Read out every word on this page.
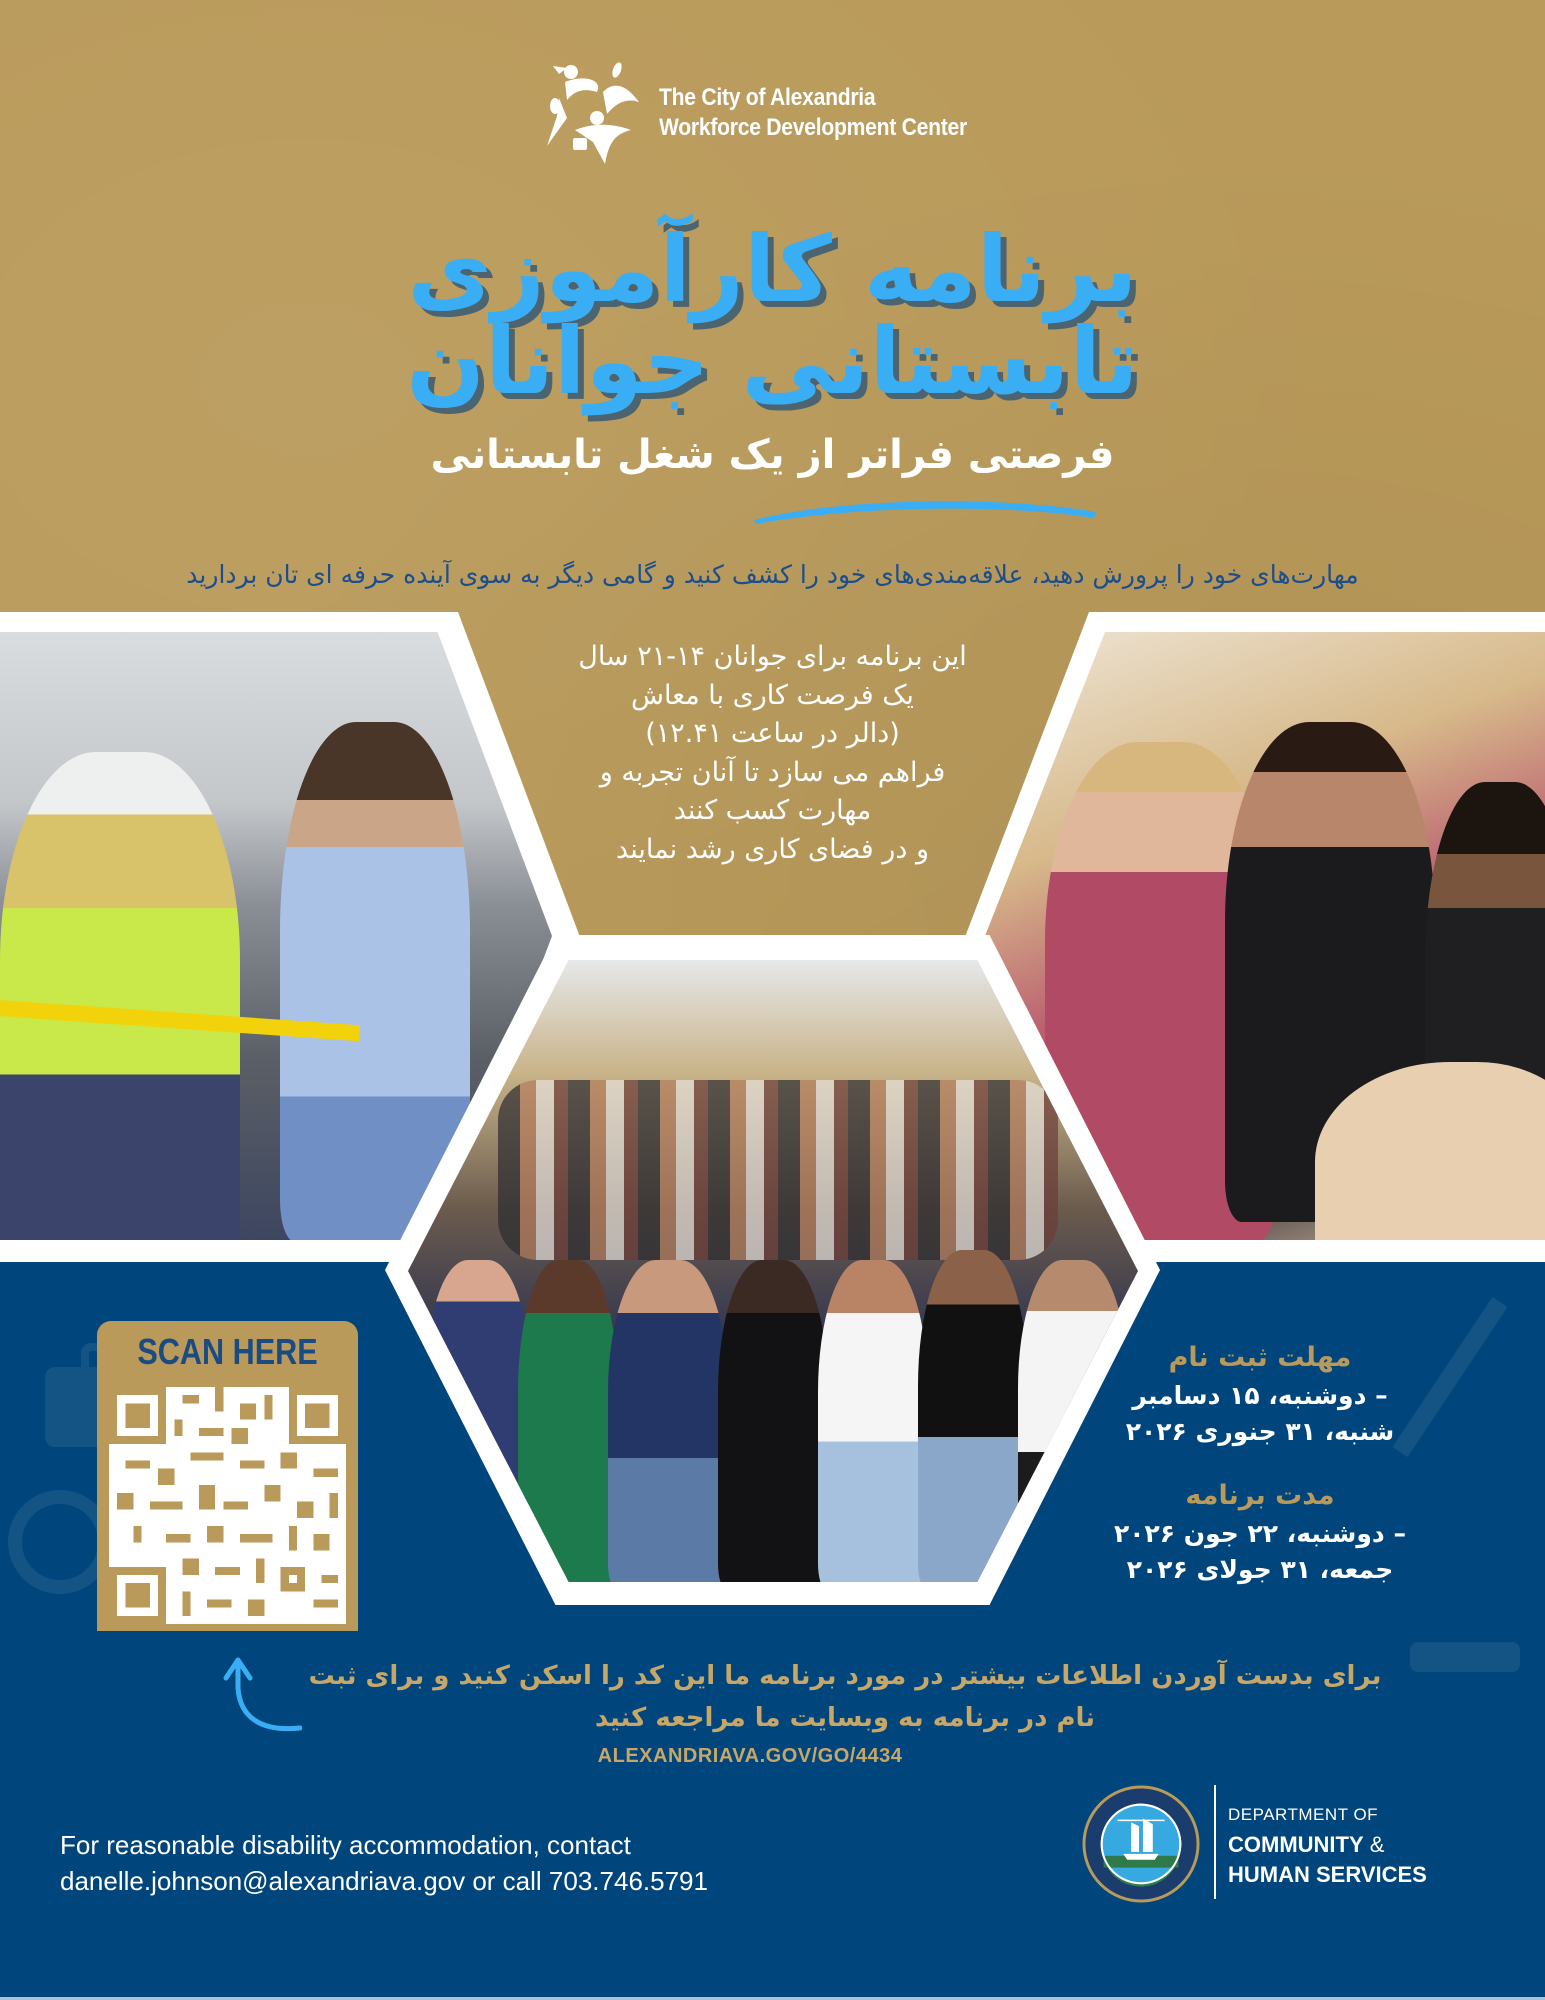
The City of Alexandria
Workforce Development Center
برنامه کارآموزی
تابستانی جوانان
فرصتی فراتر از یک شغل تابستانی
مهارت‌های خود را پرورش دهید، علاقه‌مندی‌های خود را کشف کنید و گامی دیگر به سوی آینده حرفه ای تان بردارید
این برنامه برای جوانان ۱۴-۲۱ سال
یک فرصت کاری با معاش
(دالر در ساعت ۱۲.۴۱)
فراهم می سازد تا آنان تجربه و
مهارت کسب کنند
و در فضای کاری رشد نمایند
SCAN HERE	مهلت ثبت نام
– دوشنبه، ۱۵ دسامبر
شنبه، ۳۱ جنوری ۲۰۲۶
مدت برنامه
– دوشنبه، ۲۲ جون ۲۰۲۶
جمعه، ۳۱ جولای ۲۰۲۶
برای بدست آوردن اطلاعات بیشتر در مورد برنامه ما این کد را اسکن کنید و برای ثبت
نام در برنامه به وبسایت ما مراجعه کنید
ALEXANDRIAVA.GOV/GO/4434
For reasonable disability accommodation, contact
danelle.johnson@alexandriava.gov or call 703.746.5791
DEPARTMENT OF
COMMUNITY &
HUMAN SERVICES
